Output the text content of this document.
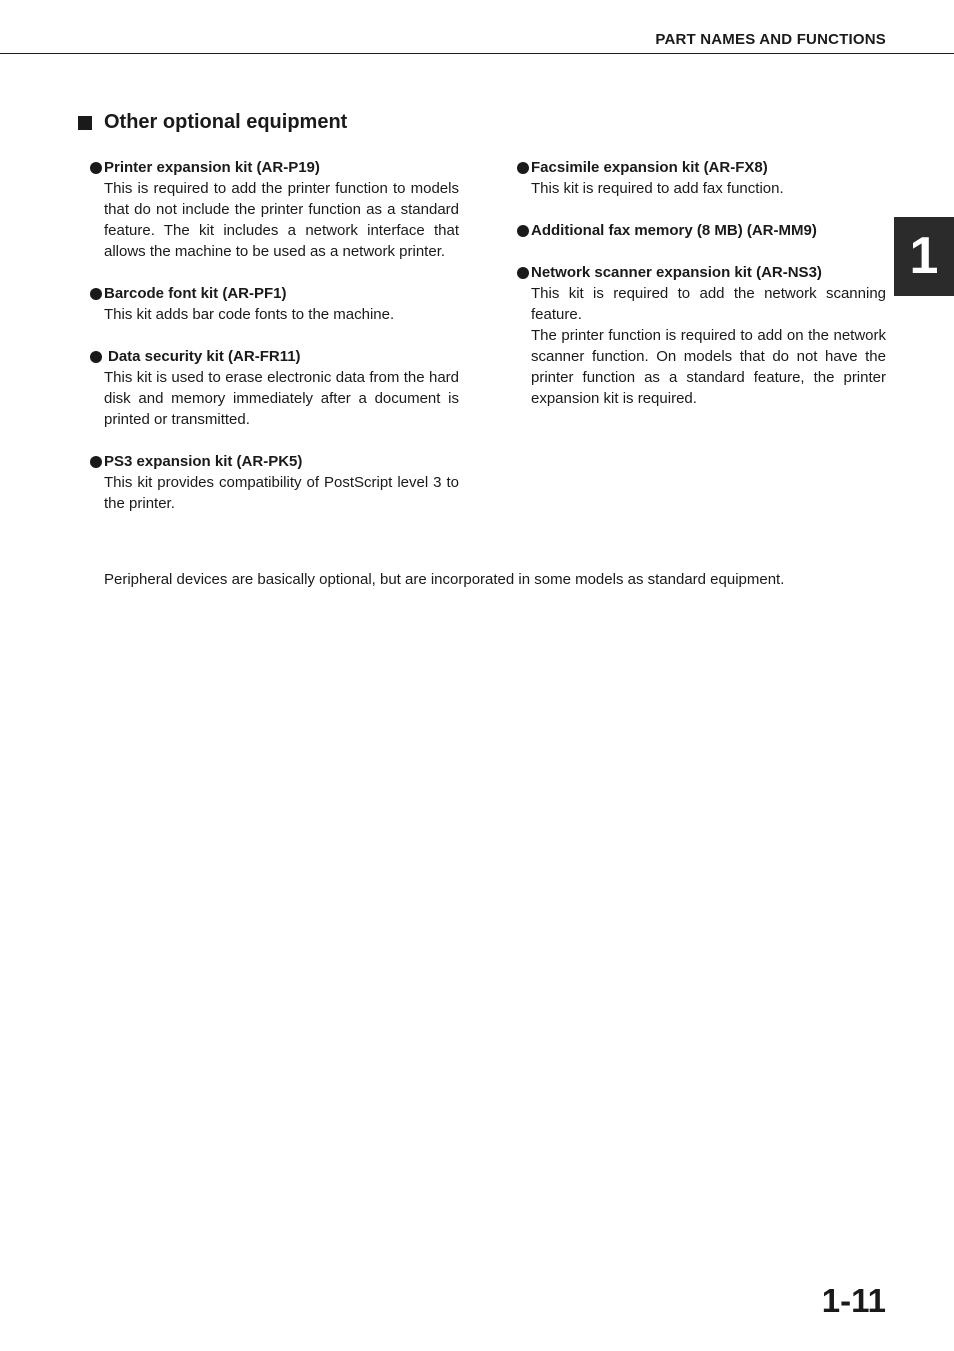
PART NAMES AND FUNCTIONS
1
Other optional equipment
Printer expansion kit (AR-P19)
This is required to add the printer function to models that do not include the printer function as a standard feature. The kit includes a network interface that allows the machine to be used as a network printer.
Barcode font kit (AR-PF1)
This kit adds bar code fonts to the machine.
Data security kit (AR-FR11)
This kit is used to erase electronic data from the hard disk and memory immediately after a document is printed or transmitted.
PS3 expansion kit (AR-PK5)
This kit provides compatibility of PostScript level 3 to the printer.
Facsimile expansion kit (AR-FX8)
This kit is required to add fax function.
Additional fax memory (8 MB) (AR-MM9)
Network scanner expansion kit (AR-NS3)

This kit is required to add the network scanning feature.

The printer function is required to add on the network scanner function. On models that do not have the printer function as a standard feature, the printer expansion kit is required.

Peripheral devices are basically optional, but are incorporated in some models as standard equipment.
1-11
